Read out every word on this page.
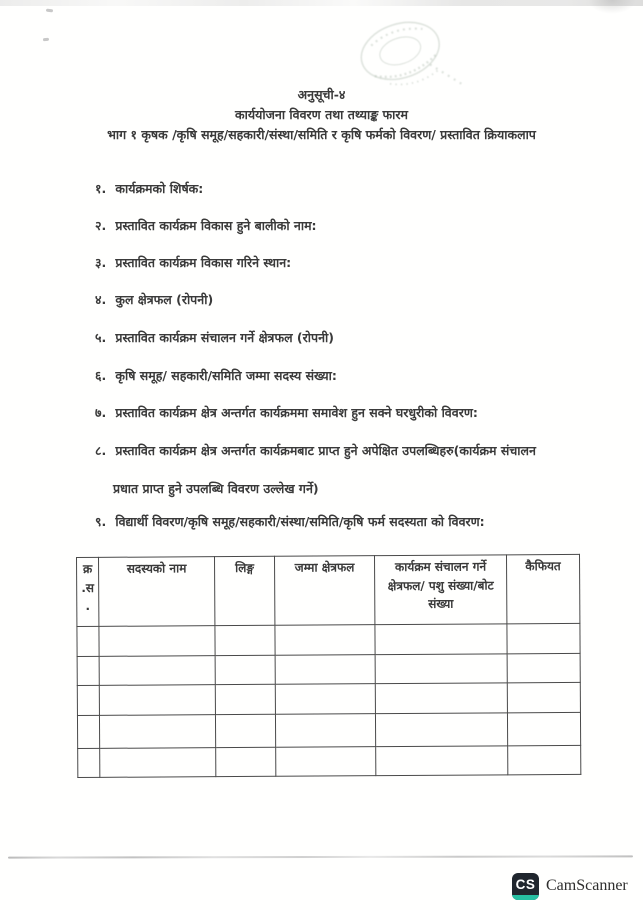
अनुसूची-४
कार्ययोजना विवरण तथा तथ्याङ्क फारम
भाग १ कृषक /कृषि समूह/सहकारी/संस्था/समिति र कृषि फर्मको विवरण/ प्रस्तावित क्रियाकलाप
१. कार्यक्रमको शिर्षक:
२. प्रस्तावित कार्यक्रम विकास हुने बालीको नाम:
३. प्रस्तावित कार्यक्रम विकास गरिने स्थान:
४. कुल क्षेत्रफल (रोपनी)
५. प्रस्तावित कार्यक्रम संचालन गर्ने क्षेत्रफल (रोपनी)
६. कृषि समूह/ सहकारी/समिति जम्मा सदस्य संख्या:
७. प्रस्तावित कार्यक्रम क्षेत्र अन्तर्गत कार्यक्रममा समावेश हुन सक्ने घरधुरीको विवरण:
८. प्रस्तावित कार्यक्रम क्षेत्र अन्तर्गत कार्यक्रमबाट प्राप्त हुने अपेक्षित उपलब्धिहरु(कार्यक्रम संचालन
प्रधात प्राप्त हुने उपलब्धि विवरण उल्लेख गर्ने)
९. विद्यार्थी विवरण/कृषि समूह/सहकारी/संस्था/समिति/कृषि फर्म सदस्यता को विवरण:
क्र .स .	सदस्यको नाम	लिङ्ग	जम्मा क्षेत्रफल	कार्यक्रम संचालन गर्ने क्षेत्रफल/ पशु संख्या/बोट संख्या	कैफियत

CS CamScanner
